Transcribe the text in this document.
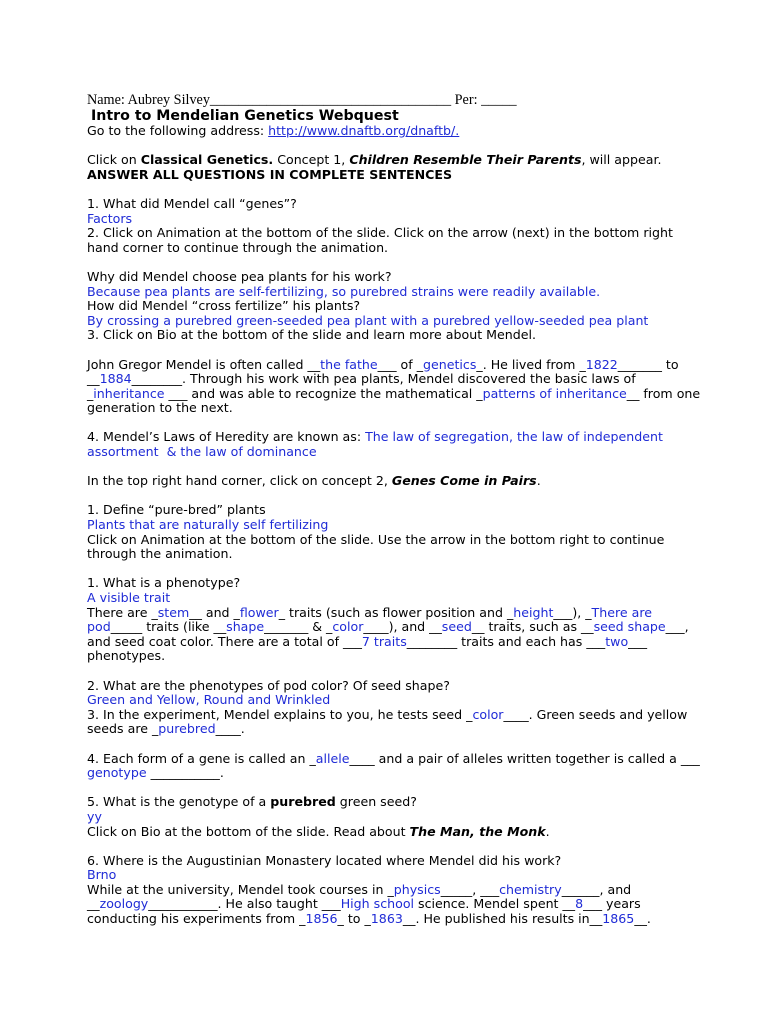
Name: Aubrey Silvey__________________________________ Per: _____
Intro to Mendelian Genetics Webquest
Go to the following address: http://www.dnaftb.org/dnaftb/.
Click on Classical Genetics. Concept 1, Children Resemble Their Parents, will appear.
ANSWER ALL QUESTIONS IN COMPLETE SENTENCES
1. What did Mendel call “genes”?
Factors
2. Click on Animation at the bottom of the slide. Click on the arrow (next) in the bottom right
hand corner to continue through the animation.
Why did Mendel choose pea plants for his work?
Because pea plants are self-fertilizing, so purebred strains were readily available.
How did Mendel “cross fertilize” his plants?
By crossing a purebred green-seeded pea plant with a purebred yellow-seeded pea plant
3. Click on Bio at the bottom of the slide and learn more about Mendel.
John Gregor Mendel is often called __the fathe___ of _genetics_. He lived from _1822_______ to
__1884________. Through his work with pea plants, Mendel discovered the basic laws of
_inheritance ___ and was able to recognize the mathematical _patterns of inheritance__ from one
generation to the next.
4. Mendel’s Laws of Heredity are known as: The law of segregation, the law of independent
assortment  & the law of dominance
In the top right hand corner, click on concept 2, Genes Come in Pairs.
1. Define “pure-bred” plants
Plants that are naturally self fertilizing
Click on Animation at the bottom of the slide. Use the arrow in the bottom right to continue
through the animation.
1. What is a phenotype?
A visible trait
There are _stem__ and _flower_ traits (such as flower position and _height___), _There are
pod_____ traits (like __shape_______ & _color____), and __seed__ traits, such as __seed shape___,
and seed coat color. There are a total of ___7 traits________ traits and each has ___two___
phenotypes.
2. What are the phenotypes of pod color? Of seed shape?
Green and Yellow, Round and Wrinkled
3. In the experiment, Mendel explains to you, he tests seed _color____. Green seeds and yellow
seeds are _purebred____.
4. Each form of a gene is called an _allele____ and a pair of alleles written together is called a ___
genotype ___________.
5. What is the genotype of a purebred green seed?
yy
Click on Bio at the bottom of the slide. Read about The Man, the Monk.
6. Where is the Augustinian Monastery located where Mendel did his work?
Brno
While at the university, Mendel took courses in _physics_____, ___chemistry______, and
__zoology___________. He also taught ___High school science. Mendel spent __8___ years
conducting his experiments from _1856_ to _1863__. He published his results in__1865__.
